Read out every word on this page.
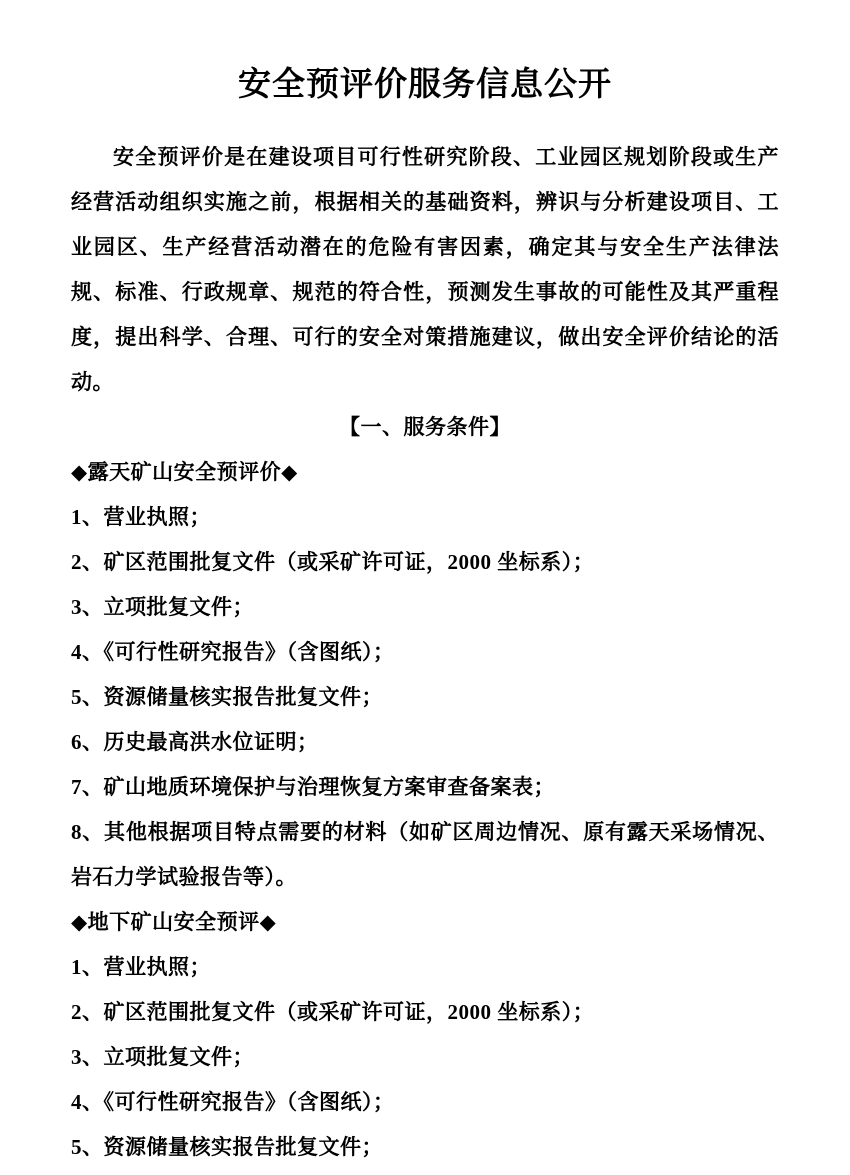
安全预评价服务信息公开

安全预评价是在建设项目可行性研究阶段、工业园区规划阶段或生产经营活动组织实施之前，根据相关的基础资料，辨识与分析建设项目、工业园区、生产经营活动潜在的危险有害因素，确定其与安全生产法律法规、标准、行政规章、规范的符合性，预测发生事故的可能性及其严重程度，提出科学、合理、可行的安全对策措施建议，做出安全评价结论的活动。

【一、服务条件】

◆露天矿山安全预评价◆

1、营业执照；

2、矿区范围批复文件（或采矿许可证，2000 坐标系）；

3、立项批复文件；

4、《可行性研究报告》（含图纸）；

5、资源储量核实报告批复文件；

6、历史最高洪水位证明；

7、矿山地质环境保护与治理恢复方案审查备案表；

8、其他根据项目特点需要的材料（如矿区周边情况、原有露天采场情况、岩石力学试验报告等）。

◆地下矿山安全预评◆

1、营业执照；

2、矿区范围批复文件（或采矿许可证，2000 坐标系）；

3、立项批复文件；

4、《可行性研究报告》（含图纸）；

5、资源储量核实报告批复文件；
